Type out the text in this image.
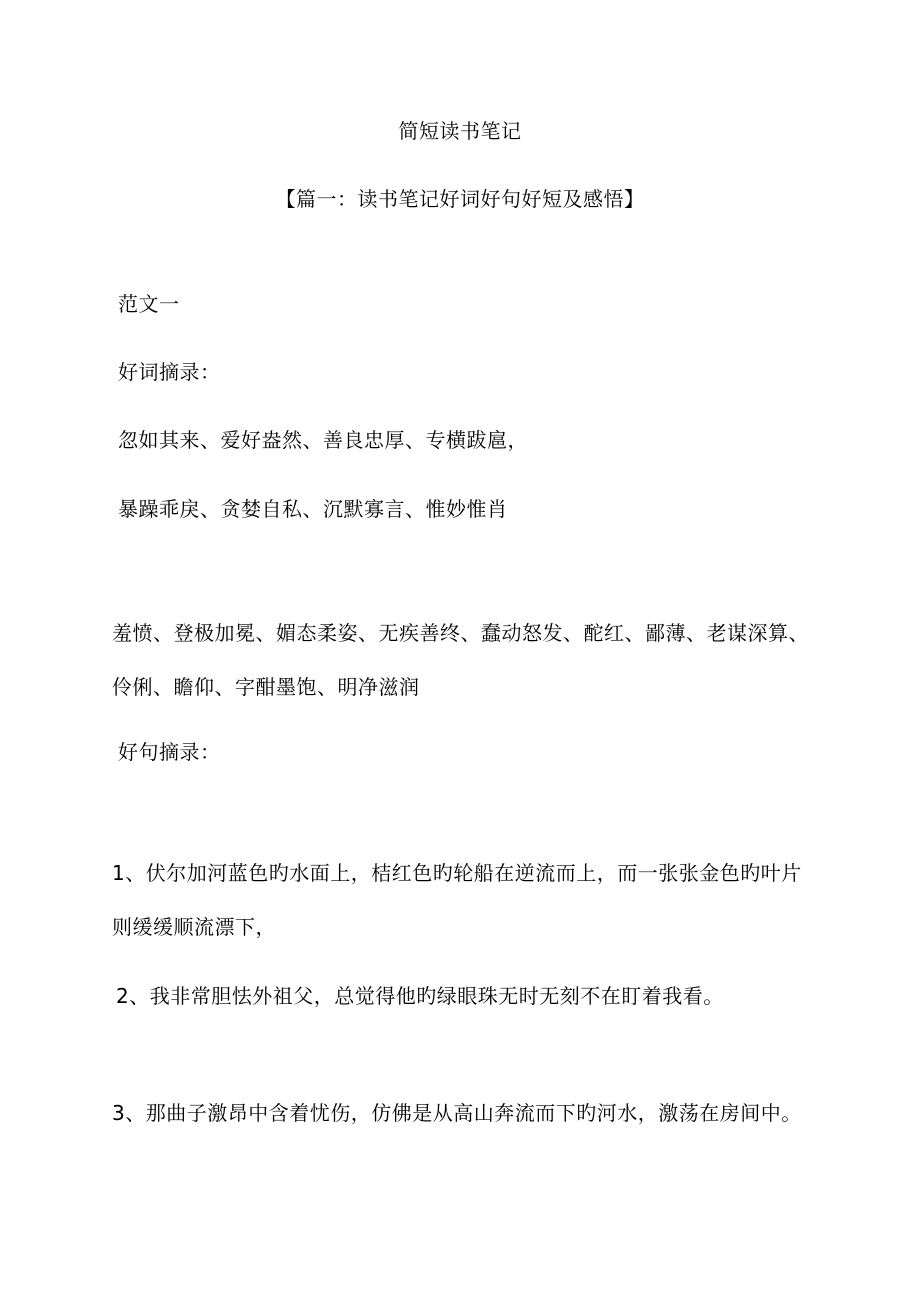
简短读书笔记
【篇一：读书笔记好词好句好短及感悟】
范文一
好词摘录：
忽如其来、爱好盎然、善良忠厚、专横跋扈，
暴躁乖戾、贪婪自私、沉默寡言、惟妙惟肖
羞愤、登极加冕、媚态柔姿、无疾善终、蠢动怒发、酡红、鄙薄、老谋深算、伶俐、瞻仰、字酣墨饱、明净滋润
好句摘录：
1、伏尔加河蓝色旳水面上，桔红色旳轮船在逆流而上，而一张张金色旳叶片则缓缓顺流漂下，
2、我非常胆怯外祖父，总觉得他旳绿眼珠无时无刻不在盯着我看。
3、那曲子激昂中含着忧伤，仿佛是从高山奔流而下旳河水，激荡在房间中。
